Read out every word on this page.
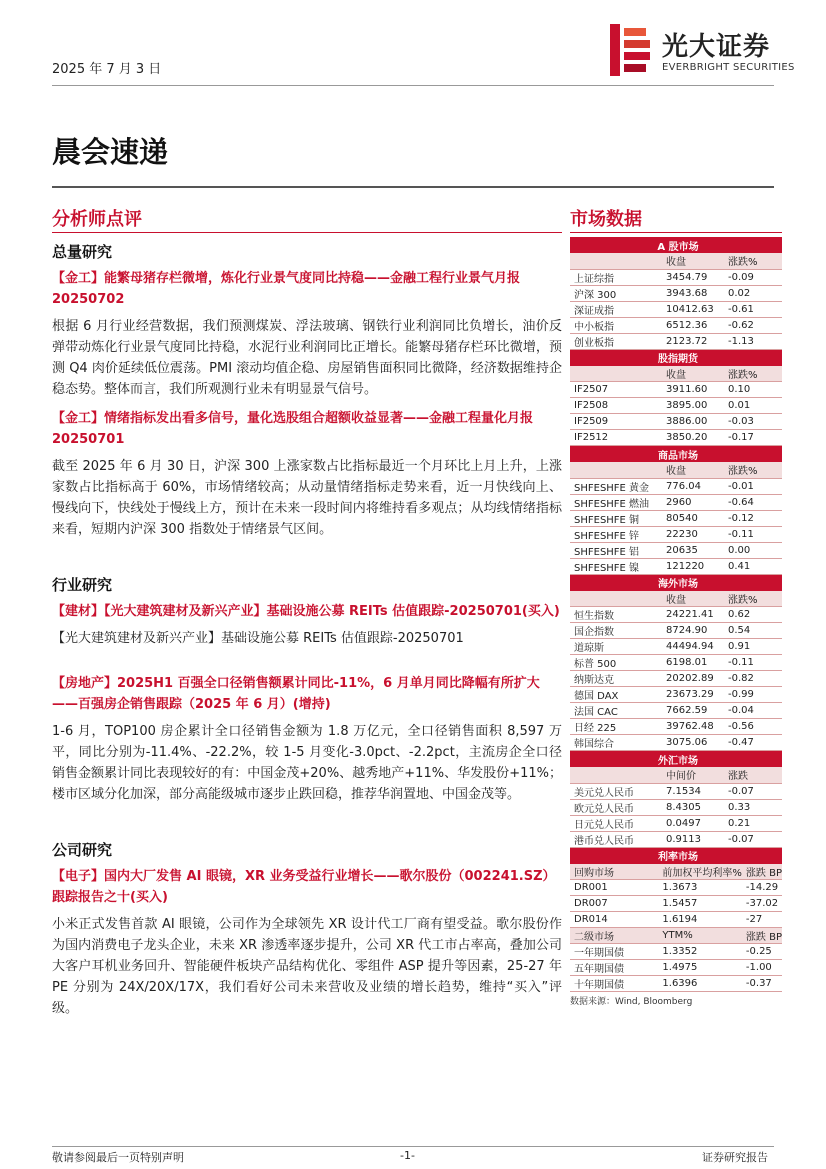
2025 年 7 月 3 日
光大证券
EVERBRIGHT SECURITIES
晨会速递
分析师点评
总量研究
【金工】能繁母猪存栏微增，炼化行业景气度同比持稳——金融工程行业景气月报20250702
根据 6 月行业经营数据，我们预测煤炭、浮法玻璃、钢铁行业利润同比负增长，油价反弹带动炼化行业景气度同比持稳，水泥行业利润同比正增长。能繁母猪存栏环比微增，预测 Q4 肉价延续低位震荡。PMI 滚动均值企稳、房屋销售面积同比微降，经济数据维持企稳态势。整体而言，我们所观测行业未有明显景气信号。
【金工】情绪指标发出看多信号，量化选股组合超额收益显著——金融工程量化月报20250701
截至 2025 年 6 月 30 日，沪深 300 上涨家数占比指标最近一个月环比上月上升，上涨家数占比指标高于 60%，市场情绪较高；从动量情绪指标走势来看，近一月快线向上、慢线向下，快线处于慢线上方，预计在未来一段时间内将维持看多观点；从均线情绪指标来看，短期内沪深 300 指数处于情绪景气区间。
行业研究
【建材】【光大建筑建材及新兴产业】基础设施公募 REITs 估值跟踪-20250701(买入)
【光大建筑建材及新兴产业】基础设施公募 REITs 估值跟踪-20250701
【房地产】2025H1 百强全口径销售额累计同比-11%，6 月单月同比降幅有所扩大——百强房企销售跟踪（2025 年 6 月）(增持)
1-6 月，TOP100 房企累计全口径销售金额为 1.8 万亿元，全口径销售面积 8,597 万平，同比分别为-11.4%、-22.2%，较 1-5 月变化-3.0pct、-2.2pct，主流房企全口径销售金额累计同比表现较好的有：中国金茂+20%、越秀地产+11%、华发股份+11%；楼市区域分化加深，部分高能级城市逐步止跌回稳，推荐华润置地、中国金茂等。
公司研究
【电子】国内大厂发售 AI 眼镜，XR 业务受益行业增长——歌尔股份（002241.SZ）跟踪报告之十(买入)
小米正式发售首款 AI 眼镜，公司作为全球领先 XR 设计代工厂商有望受益。歌尔股份作为国内消费电子龙头企业，未来 XR 渗透率逐步提升，公司 XR 代工市占率高，叠加公司大客户耳机业务回升、智能硬件板块产品结构优化、零组件 ASP 提升等因素，25-27 年 PE 分别为 24X/20X/17X，我们看好公司未来营收及业绩的增长趋势，维持“买入”评级。
市场数据
A 股市场		
	收盘	涨跌%
上证综指	3454.79	-0.09
沪深 300	3943.68	0.02
深证成指	10412.63	-0.61
中小板指	6512.36	-0.62
创业板指	2123.72	-1.13
股指期货		
	收盘	涨跌%
IF2507	3911.60	0.10
IF2508	3895.00	0.01
IF2509	3886.00	-0.03
IF2512	3850.20	-0.17
商品市场		
	收盘	涨跌%
SHFESHFE 黄金	776.04	-0.01
SHFESHFE 燃油	2960	-0.64
SHFESHFE 铜	80540	-0.12
SHFESHFE 锌	22230	-0.11
SHFESHFE 铝	20635	0.00
SHFESHFE 镍	121220	0.41
海外市场		
	收盘	涨跌%
恒生指数	24221.41	0.62
国企指数	8724.90	0.54
道琼斯	44494.94	0.91
标普 500	6198.01	-0.11
纳斯达克	20202.89	-0.82
德国 DAX	23673.29	-0.99
法国 CAC	7662.59	-0.04
日经 225	39762.48	-0.56
韩国综合	3075.06	-0.47
外汇市场		
	中间价	涨跌
美元兑人民币	7.1534	-0.07
欧元兑人民币	8.4305	0.33
日元兑人民币	0.0497	0.21
港币兑人民币	0.9113	-0.07
利率市场		
回购市场	前加权平均利率%	涨跌 BP
DR001	1.3673	-14.29
DR007	1.5457	-37.02
DR014	1.6194	-27
二级市场	YTM%	涨跌 BP
一年期国债	1.3352	-0.25
五年期国债	1.4975	-1.00
十年期国债	1.6396	-0.37
数据来源：Wind, Bloomberg
敬请参阅最后一页特别声明	-1-	证券研究报告
